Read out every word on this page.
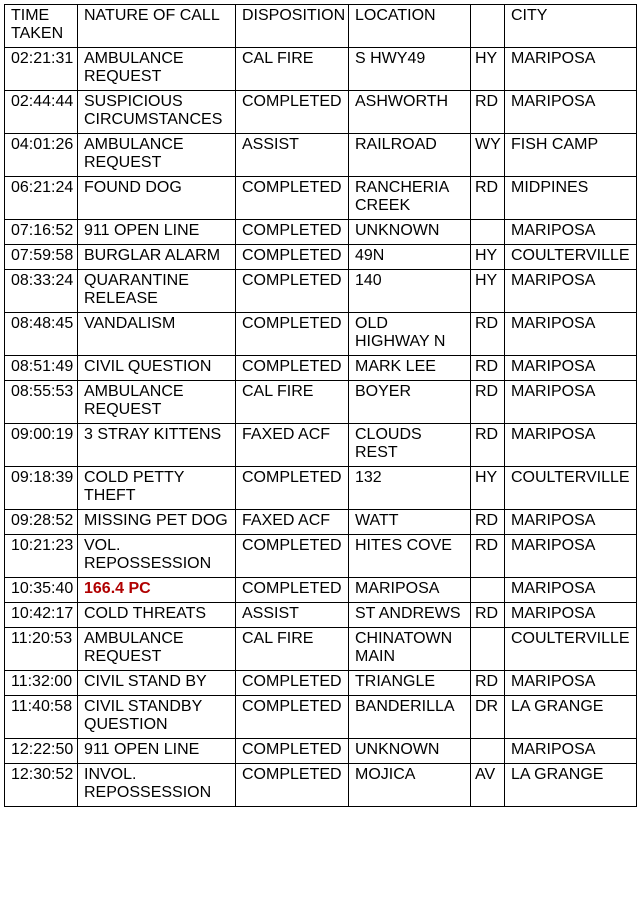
TIME TAKEN	NATURE OF CALL	DISPOSITION	LOCATION		CITY
02:21:31	AMBULANCE REQUEST	CAL FIRE	S HWY49	HY	MARIPOSA
02:44:44	SUSPICIOUS CIRCUMSTANCES	COMPLETED	ASHWORTH	RD	MARIPOSA
04:01:26	AMBULANCE REQUEST	ASSIST	RAILROAD	WY	FISH CAMP
06:21:24	FOUND DOG	COMPLETED	RANCHERIA CREEK	RD	MIDPINES
07:16:52	911 OPEN LINE	COMPLETED	UNKNOWN		MARIPOSA
07:59:58	BURGLAR ALARM	COMPLETED	49N	HY	COULTERVILLE
08:33:24	QUARANTINE RELEASE	COMPLETED	140	HY	MARIPOSA
08:48:45	VANDALISM	COMPLETED	OLD HIGHWAY N	RD	MARIPOSA
08:51:49	CIVIL QUESTION	COMPLETED	MARK LEE	RD	MARIPOSA
08:55:53	AMBULANCE REQUEST	CAL FIRE	BOYER	RD	MARIPOSA
09:00:19	3 STRAY KITTENS	FAXED ACF	CLOUDS REST	RD	MARIPOSA
09:18:39	COLD PETTY THEFT	COMPLETED	132	HY	COULTERVILLE
09:28:52	MISSING PET DOG	FAXED ACF	WATT	RD	MARIPOSA
10:21:23	VOL. REPOSSESSION	COMPLETED	HITES COVE	RD	MARIPOSA
10:35:40	166.4 PC	COMPLETED	MARIPOSA		MARIPOSA
10:42:17	COLD THREATS	ASSIST	ST ANDREWS	RD	MARIPOSA
11:20:53	AMBULANCE REQUEST	CAL FIRE	CHINATOWN MAIN		COULTERVILLE
11:32:00	CIVIL STAND BY	COMPLETED	TRIANGLE	RD	MARIPOSA
11:40:58	CIVIL STANDBY QUESTION	COMPLETED	BANDERILLA	DR	LA GRANGE
12:22:50	911 OPEN LINE	COMPLETED	UNKNOWN		MARIPOSA
12:30:52	INVOL. REPOSSESSION	COMPLETED	MOJICA	AV	LA GRANGE
